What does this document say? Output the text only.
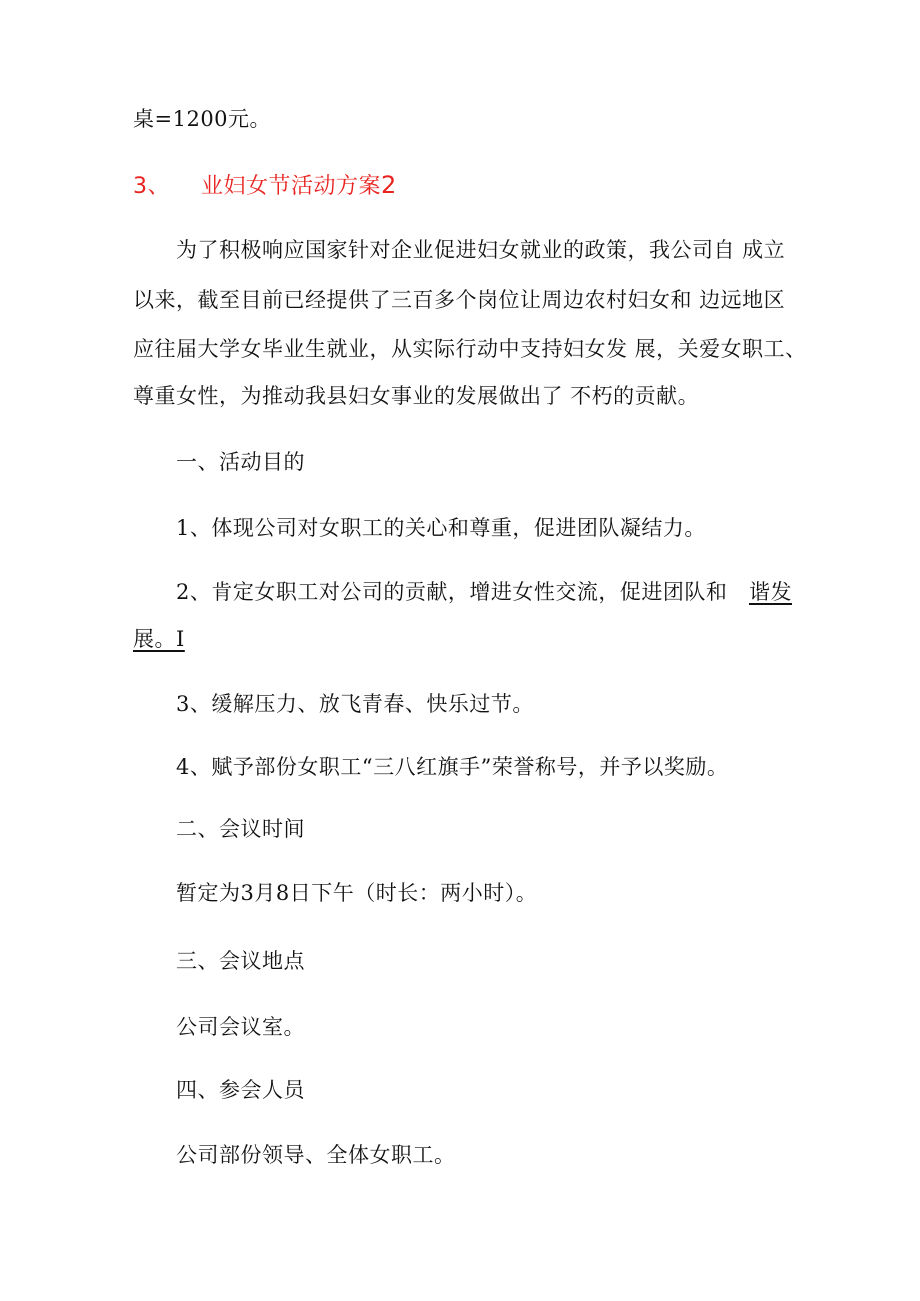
桌=1200元。
3、 业妇女节活动方案2
为了积极响应国家针对企业促进妇女就业的政策，我公司自 成立
以来，截至目前已经提供了三百多个岗位让周边农村妇女和 边远地区
应往届大学女毕业生就业，从实际行动中支持妇女发 展，关爱女职工、
尊重女性，为推动我县妇女事业的发展做出了 不朽的贡献。
一、活动目的
1、体现公司对女职工的关心和尊重，促进团队凝结力。
2、肯定女职工对公司的贡献，增进女性交流，促进团队和 谐发
展。I
3、缓解压力、放飞青春、快乐过节。
4、赋予部份女职工“三八红旗手”荣誉称号，并予以奖励。
二、会议时间
暂定为3月8日下午（时长：两小时）。
三、会议地点
公司会议室。
四、参会人员
公司部份领导、全体女职工。
